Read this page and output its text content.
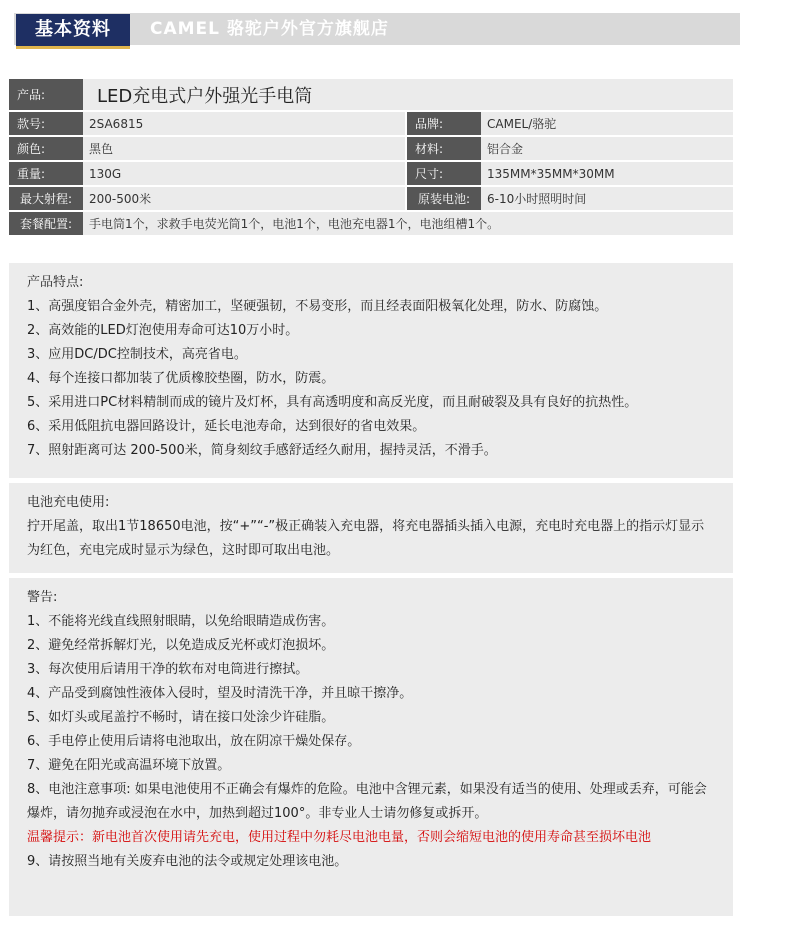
基本资料	CAMEL 骆驼户外官方旗舰店
产品:	LED充电式户外强光手电筒			
款号:	2SA6815		品牌:	CAMEL/骆驼
颜色:	黑色		材料:	铝合金
重量:	130G		尺寸:	135MM*35MM*30MM
最大射程:	200-500米		原装电池:	6-10小时照明时间
套餐配置:	手电筒1个，求救手电荧光筒1个，电池1个，电池充电器1个，电池组槽1个。			

产品特点:

1、高强度铝合金外壳，精密加工，坚硬强韧，不易变形，而且经表面阳极氧化处理，防水、防腐蚀。

2、高效能的LED灯泡使用寿命可达10万小时。

3、应用DC/DC控制技术，高亮省电。

4、每个连接口都加装了优质橡胶垫圈，防水，防震。

5、采用进口PC材料精制而成的镜片及灯杯，具有高透明度和高反光度，而且耐破裂及具有良好的抗热性。

6、采用低阻抗电器回路设计，延长电池寿命，达到很好的省电效果。

7、照射距离可达 200-500米，简身刻纹手感舒适经久耐用，握持灵活，不滑手。

电池充电使用:

拧开尾盖，取出1节18650电池，按“+”“-”极正确装入充电器，将充电器插头插入电源，充电时充电器上的指示灯显示为红色，充电完成时显示为绿色，这时即可取出电池。

警告:

1、不能将光线直线照射眼睛，以免给眼睛造成伤害。

2、避免经常拆解灯光，以免造成反光杯或灯泡损坏。

3、每次使用后请用干净的软布对电筒进行擦拭。

4、产品受到腐蚀性液体入侵时，望及时清洗干净，并且晾干擦净。

5、如灯头或尾盖拧不畅时，请在接口处涂少许硅脂。

6、手电停止使用后请将电池取出，放在阴凉干燥处保存。

7、避免在阳光或高温环境下放置。

8、电池注意事项: 如果电池使用不正确会有爆炸的危险。电池中含锂元素，如果没有适当的使用、处理或丢弃，可能会爆炸，请勿抛弃或浸泡在水中，加热到超过100°。非专业人士请勿修复或拆开。

温馨提示：新电池首次使用请先充电，使用过程中勿耗尽电池电量，否则会缩短电池的使用寿命甚至损坏电池

9、请按照当地有关废弃电池的法令或规定处理该电池。
